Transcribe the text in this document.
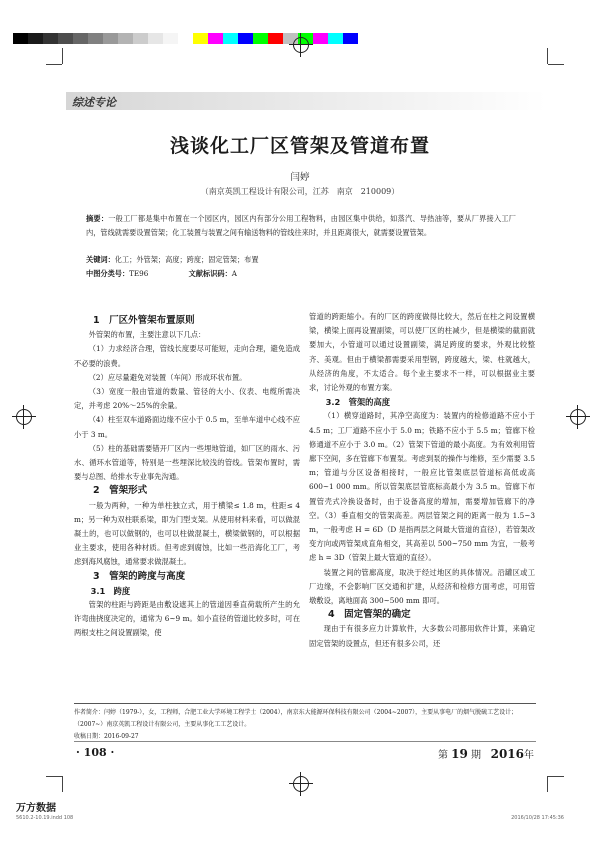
综述专论
浅谈化工厂区管架及管道布置
闫婷
（南京英凯工程设计有限公司，江苏　南京　210009）
摘要：一般工厂都是集中布置在一个园区内，园区内有部分公用工程物料，由园区集中供给，如蒸汽、导热油等，要从厂界接入工厂内，管线就需要设置管架；化工装置与装置之间有输送物料的管线往来时，并且距离很大，就需要设置管架。
关键词：化工；外管架；高度；跨度；固定管架；布置
中图分类号：TE96	文献标识码：A

1　厂区外管架布置原则

外管架的布置，主要注意以下几点：

（1）力求经济合理，管线长度要尽可能短，走向合理，避免造成不必要的浪费。

（2）应尽量避免对装置（车间）形成环状布置。

（3）宽度一般由管道的数量、管径的大小、仪表、电缆所需决定，并考虑 20%～25%的余量。

（4）柱至双车道路面边缘不应小于 0.5 m，至单车道中心线不应小于 3 m。

（5）柱的基础需要错开厂区内一些埋地管道，如厂区的雨水、污水、循环水管道等，特别是一些埋深比较浅的管线。管架布置时，需要与总图、给排水专业事先沟通。

2　管架形式

一般为两种，一种为单柱独立式，用于横梁≤ 1.8 m，柱距≤ 4 m；另一种为双柱联系梁，即为门型支架。从使用材料来看，可以做混凝土的，也可以做钢的，也可以柱做混凝土，横梁做钢的，可以根据业主要求，使用各种材质。但考虑到腐蚀，比如一些沿海化工厂，考虑到海风腐蚀，通常要求做混凝土。

3　管架的跨度与高度

3.1　跨度

管架的柱距与跨距是由敷设遮其上的管道因垂直荷载所产生的允许弯曲挠度决定的，通常为 6~9 m。如小直径的管道比较多时，可在两根支柱之间设置副梁，使

管道的跨距缩小。有的厂区的跨度做得比较大，然后在柱之间设置横梁，横梁上面再设置副梁，可以使厂区的柱减少，但是横梁的截面就要加大，小管道可以通过设置副梁，满足跨度的要求，外观比较整齐、美观。但由于横梁都需要采用型钢，跨度越大，梁、柱就越大，从经济的角度，不太适合。每个业主要求不一样，可以根据业主要求，讨论外观的布置方案。

3.2　管架的高度

（1）横穿道路时，其净空高度为：装置内的检修道路不应小于 4.5 m；工厂道路不应小于 5.0 m；铁路不应小于 5.5 m；管廊下检修通道不应小于 3.0 m。（2）管架下管道的最小高度。为有效利用管廊下空间，多在管廊下布置泵。考虑到泵的操作与维修，至少需要 3.5 m；管道与分区设备相接时，一般应比管架底层管道标高低或高 600~1 000 mm。所以管架底层管底标高最小为 3.5 m。管廊下布置管壳式冷换设备时，由于设备高度的增加，需要增加管廊下的净空。（3）垂直相交的管架高差。两层管架之间的距离一般为 1.5~3 m，一般考虑 H = 6D（D 是指两层之间最大管道的直径），若管架改变方向或两管架成直角相交，其高差以 500~750 mm 为宜，一般考虑 h = 3D（管架上最大管道的直径）。

装置之间的管廊高度，取决于经过地区的具体情况。沿罐区或工厂边缘，不会影响厂区交通和扩建，从经济和检修方面考虑，可用管墩敷设，离地面高 300~500 mm 即可。

4　固定管架的确定

现由于有很多应力计算软件，大多数公司都用软件计算，来确定固定管架的设置点，但还有很多公司，还

作者简介：闫婷（1979-），女，工程师，合肥工业大学环境工程学士（2004），南京东大能源环保科技有限公司（2004~2007），主要从事电厂的烟气脱硫工艺设计；（2007~）南京英凯工程设计有限公司，主要从事化工工艺设计。
收稿日期：2016-09-27
· 108 ·	第 19 期 2016年
万方数据
5610.2-10.19.indd 108	2016/10/28 17:45:36
